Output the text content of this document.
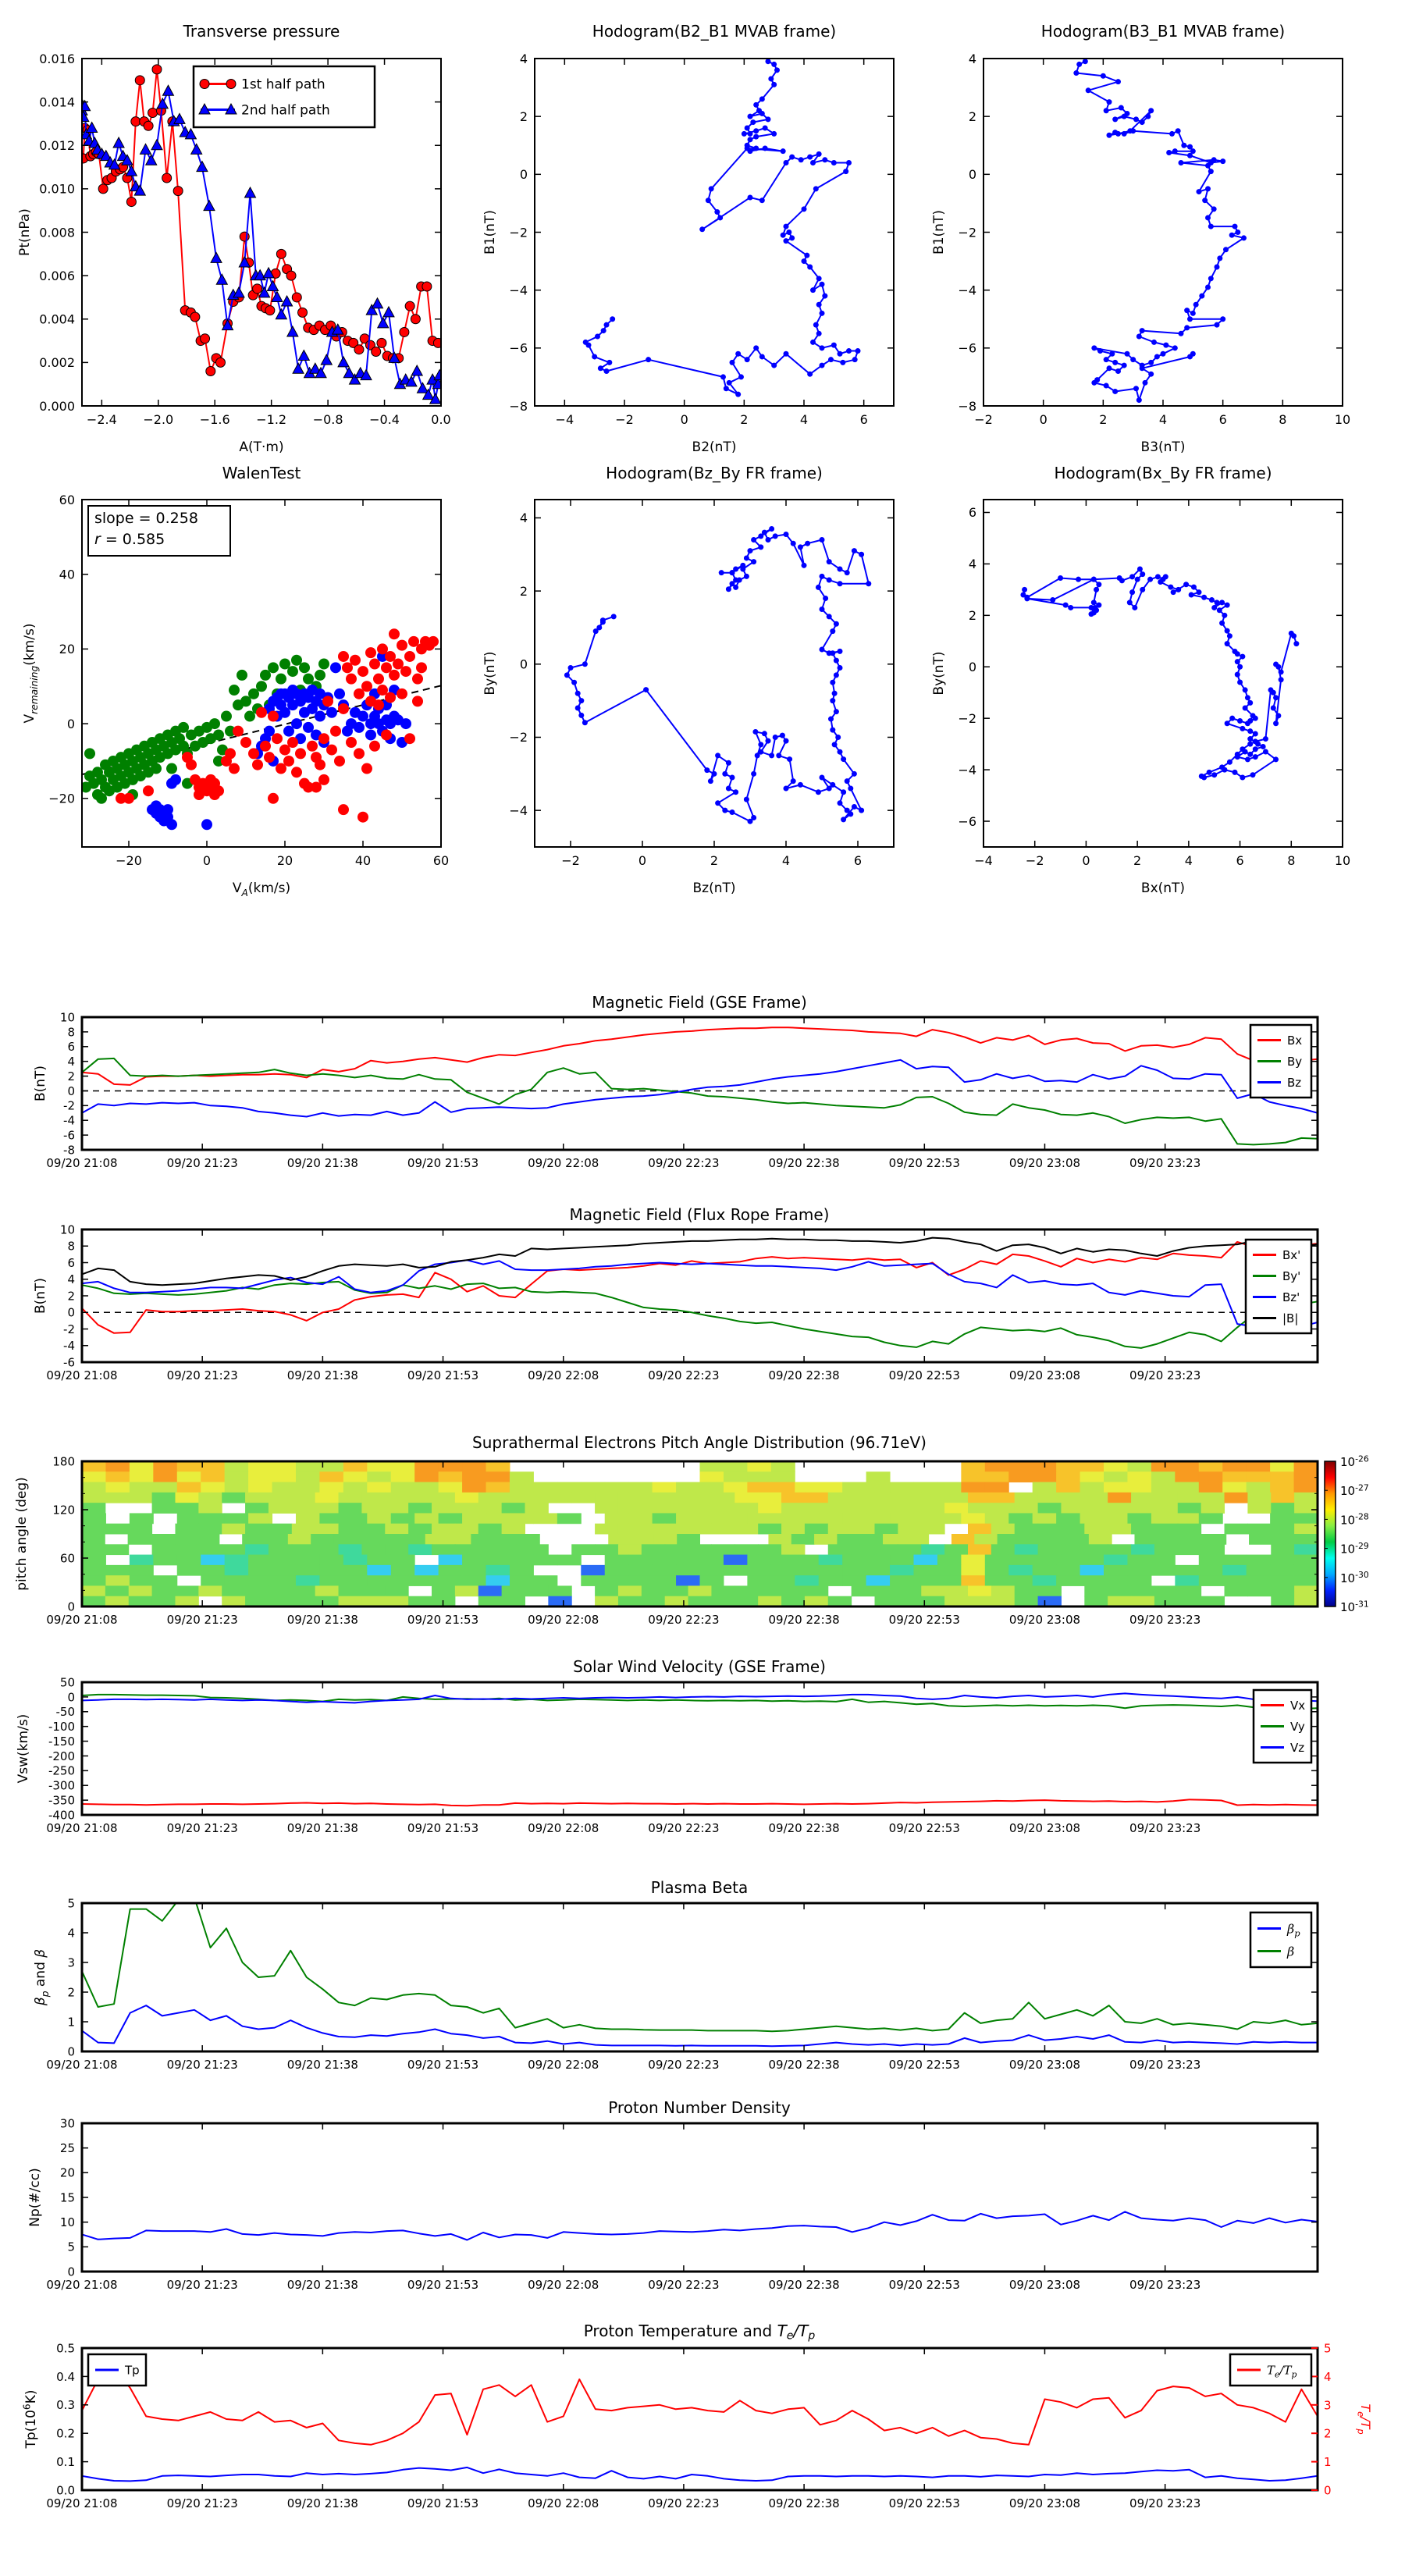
Transverse pressure	Hodogram(B2_B1 MVAB frame)	Hodogram(B3_B1 MVAB frame)
WalenTest	Hodogram(Bz_By FR frame)	Hodogram(Bx_By FR frame)
Magnetic Field (GSE Frame)
Magnetic Field (Flux Rope Frame)
Suprathermal Electrons Pitch Angle Distribution (96.71eV)
Solar Wind Velocity (GSE Frame)
Plasma Beta
Proton Number Density
Proton Temperature and Te/Tp
−2.4 −2.0 −1.6 −1.2 −0.8 −0.4	0.0
0.000
0.002
0.004
0.006
0.008
0.010
0.012
0.014
0.016
Pt(nPa)
A(T·m)
1st half path
2nd half path
−4	−2	0	2	4	6
−8
−6
−4
−2
0
2
4
B1(nT)
B2(nT)
−2	0	2	4	6	8	10
−8
−6
−4
−2
0
2
4
B1(nT)
B3(nT)
−20	0	20	40	60
−20
0
20
40
60
$V_{remaining}(km/s)$
$V_A(km/s)$
slope = 0.258
r = 0.585
−2	0	2	4	6
−4
−2
0
2
4
By(nT)
Bz(nT)
−4	−2	0	2	4	6	8	10
−6
−4
−2
0
2
4
6
By(nT)
Bx(nT)
09/20 21:08	09/20 21:23	09/20 21:38	09/20 21:53	09/20 22:08	09/20 22:23	09/20 22:38	09/20 22:53	09/20 23:08	09/20 23:23
-8
-6
-4
-2
0
2
4
6
8
10
B(nT)
Bx
By
Bz
09/20 21:08	09/20 21:23	09/20 21:38	09/20 21:53	09/20 22:08	09/20 22:23	09/20 22:38	09/20 22:53	09/20 23:08	09/20 23:23
-6
-4
-2
0
2
4
6
8
10
B(nT)
Bx'
By'
Bz'
|B|
09/20 21:08	09/20 21:23	09/20 21:38	09/20 21:53	09/20 22:08	09/20 22:23	09/20 22:38	09/20 22:53	09/20 23:08	09/20 23:23
0
60
120
180
pitch angle (deg)
$10^{-26}$
$10^{-27}$
$10^{-28}$
$10^{-29}$
$10^{-30}$
$10^{-31}$
09/20 21:08	09/20 21:23	09/20 21:38	09/20 21:53	09/20 22:08	09/20 22:23	09/20 22:38	09/20 22:53	09/20 23:08	09/20 23:23
50
0
-50
-100
-150
-200
-250
-300
-350
-400
Vsw(km/s)
Vx
Vy
Vz
09/20 21:08	09/20 21:23	09/20 21:38	09/20 21:53	09/20 22:08	09/20 22:23	09/20 22:38	09/20 22:53	09/20 23:08	09/20 23:23
0
1
2
3
4
5
$\beta_p$ and β
$\beta_p$
β
09/20 21:08	09/20 21:23	09/20 21:38	09/20 21:53	09/20 22:08	09/20 22:23	09/20 22:38	09/20 22:53	09/20 23:08	09/20 23:23
0
5
10
15
20
25
30
Np(#/cc)
09/20 21:08	09/20 21:23	09/20 21:38	09/20 21:53	09/20 22:08	09/20 22:23	09/20 22:38	09/20 22:53	09/20 23:08	09/20 23:23
0.0
0.1
0.2
0.3
0.4
0.5
$Tp(10^6K)$
0
1
2
3
4
5
$T_e/T_p$
Tp	$T_e/T_p$
